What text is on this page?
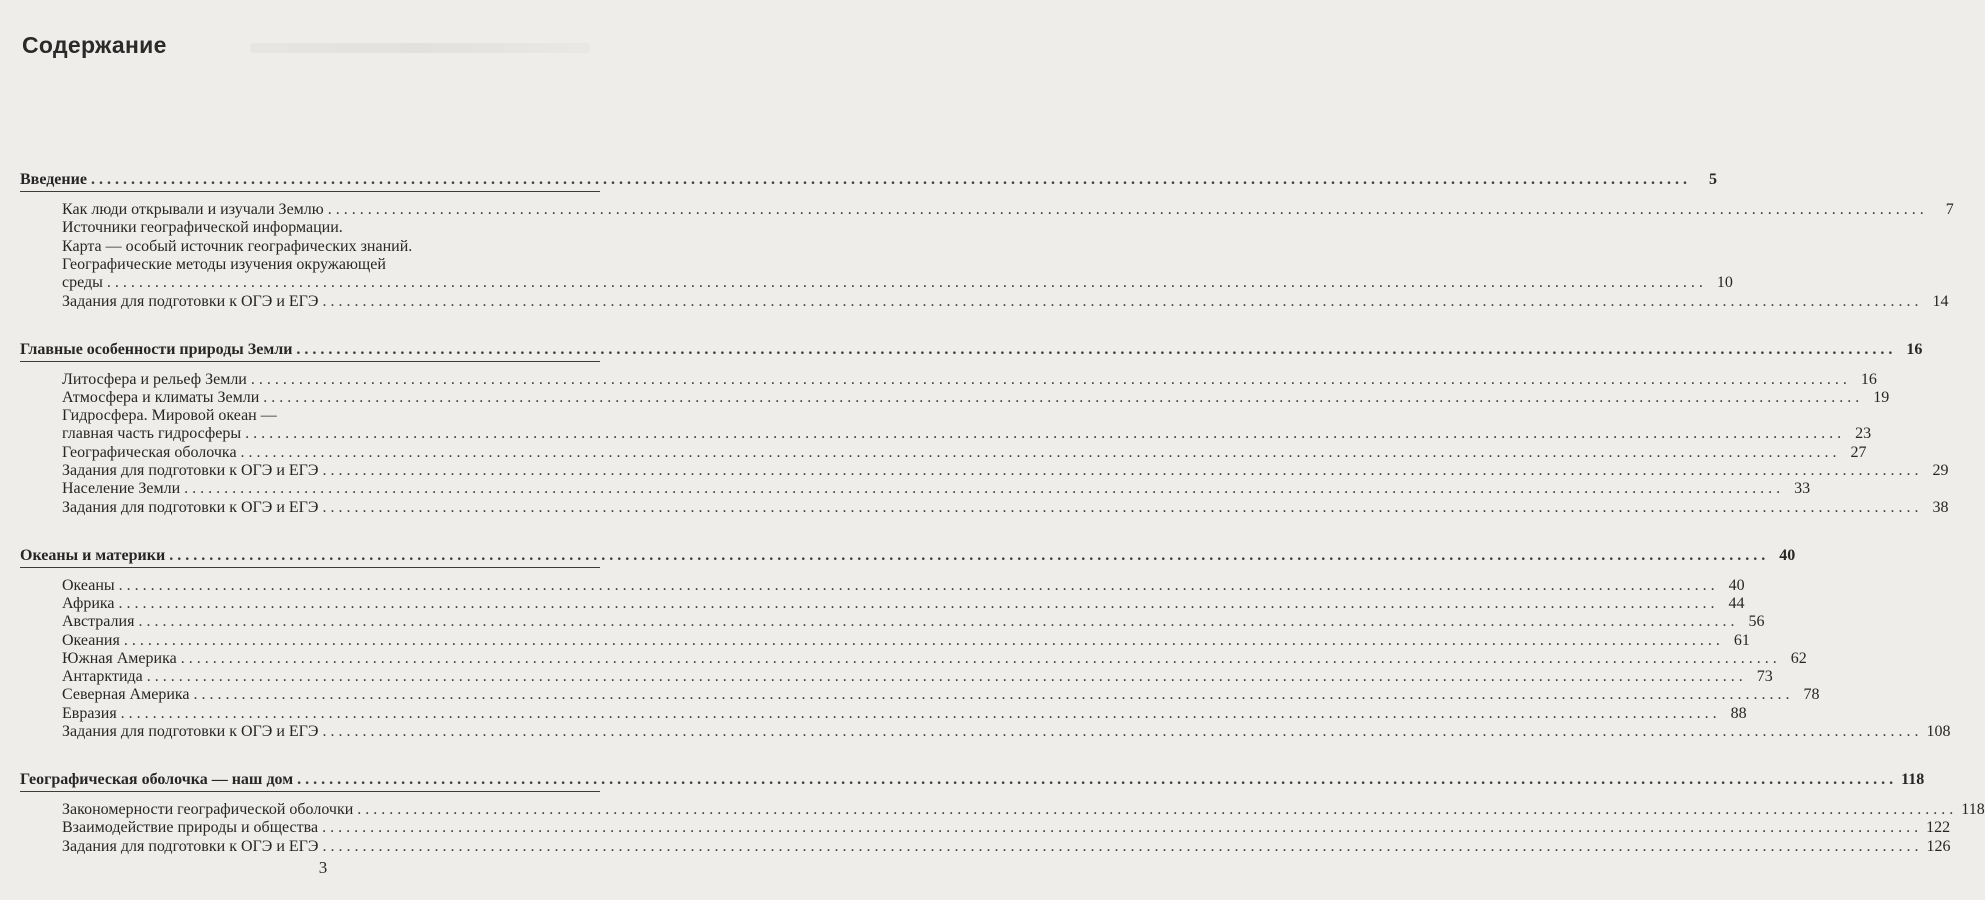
Содержание
Введение ........................................................................................................................................................................................................	5
Как люди открывали и изучали Землю ........................................................................................................................................................................................................	7
Источники географической информации.
Карта — особый источник географических знаний.
Географические методы изучения окружающей
среды ........................................................................................................................................................................................................ 10
Задания для подготовки к ОГЭ и ЕГЭ ........................................................................................................................................................................................................ 14
Главные особенности природы Земли ........................................................................................................................................................................................................ 16
Литосфера и рельеф Земли ........................................................................................................................................................................................................ 16
Атмосфера и климаты Земли ........................................................................................................................................................................................................ 19
Гидросфера. Мировой океан —
главная часть гидросферы ........................................................................................................................................................................................................ 23
Географическая оболочка ........................................................................................................................................................................................................ 27
Задания для подготовки к ОГЭ и ЕГЭ ........................................................................................................................................................................................................ 29
Население Земли ........................................................................................................................................................................................................ 33
Задания для подготовки к ОГЭ и ЕГЭ ........................................................................................................................................................................................................ 38
Океаны и материки ........................................................................................................................................................................................................ 40
Океаны ........................................................................................................................................................................................................ 40
Африка ........................................................................................................................................................................................................ 44
Австралия ........................................................................................................................................................................................................ 56
Океания ........................................................................................................................................................................................................ 61
Южная Америка ........................................................................................................................................................................................................ 62
Антарктида ........................................................................................................................................................................................................ 73
Северная Америка ........................................................................................................................................................................................................ 78
Евразия ........................................................................................................................................................................................................ 88
Задания для подготовки к ОГЭ и ЕГЭ ........................................................................................................................................................................................................ 108
Географическая оболочка — наш дом ........................................................................................................................................................................................................ 118
Закономерности географической оболочки ........................................................................................................................................................................................................ 118
Взаимодействие природы и общества ........................................................................................................................................................................................................ 122
Задания для подготовки к ОГЭ и ЕГЭ ........................................................................................................................................................................................................ 126
3
